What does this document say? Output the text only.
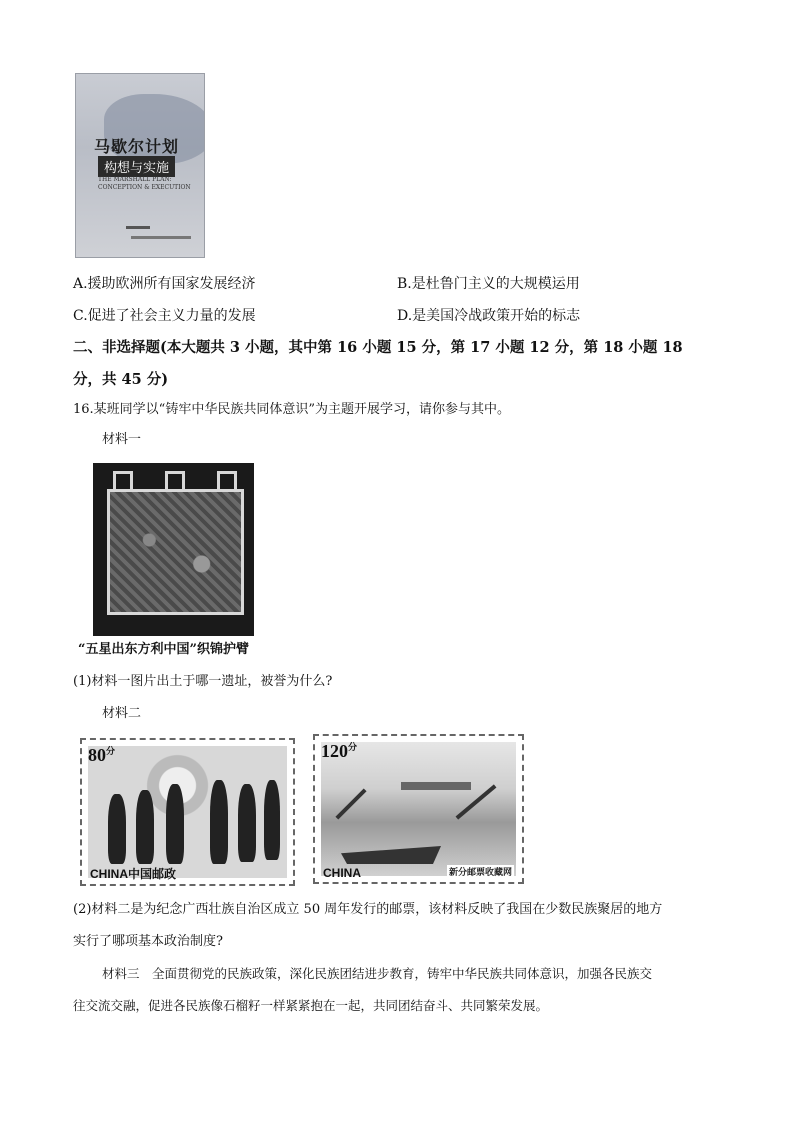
马歇尔计划
构想与实施
THE MARSHALL PLAN: CONCEPTION & EXECUTION
A.援助欧洲所有国家发展经济	B.是杜鲁门主义的大规模运用
C.促进了社会主义力量的发展	D.是美国冷战政策开始的标志
二、非选择题(本大题共 3 小题，其中第 16 小题 15 分，第 17 小题 12 分，第 18 小题 18
分，共 45 分)
16.某班同学以“铸牢中华民族共同体意识”为主题开展学习，请你参与其中。
材料一
“五星出东方利中国”织锦护臂
(1)材料一图片出土于哪一遗址，被誉为什么?
材料二
$80^分$
CHINA中国邮政
$120^分$
CHINA	新分邮票收藏网
(2)材料二是为纪念广西壮族自治区成立 50 周年发行的邮票，该材料反映了我国在少数民族聚居的地方
实行了哪项基本政治制度?
材料三　全面贯彻党的民族政策，深化民族团结进步教育，铸牢中华民族共同体意识，加强各民族交
往交流交融，促进各民族像石榴籽一样紧紧抱在一起，共同团结奋斗、共同繁荣发展。
